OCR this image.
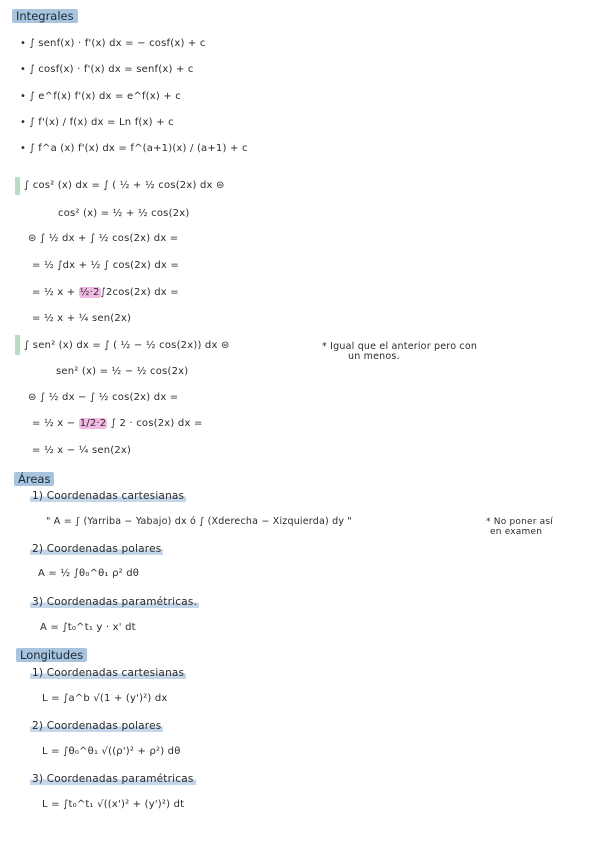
Integrales
• ∫ senf(x) · f'(x) dx = − cosf(x) + c
• ∫ cosf(x) · f'(x) dx = senf(x) + c
• ∫ e^f(x) f'(x) dx = e^f(x) + c
• ∫ f'(x) / f(x) dx = Ln f(x) + c
• ∫ f^a (x) f'(x) dx = f^(a+1)(x) / (a+1) + c
∫ cos² (x) dx = ∫ ( ½ + ½ cos(2x) dx ⊜
cos² (x) = ½ + ½ cos(2x)
⊜ ∫ ½ dx + ∫ ½ cos(2x) dx =
= ½ ∫dx + ½ ∫ cos(2x) dx =
= ½ x + ½·2∫2cos(2x) dx =
= ½ x + ¼ sen(2x)
∫ sen² (x) dx = ∫ ( ½ − ½ cos(2x)) dx ⊜	* Igual que el anterior pero con
un menos.
sen² (x) = ½ − ½ cos(2x)
⊜ ∫ ½ dx − ∫ ½ cos(2x) dx =
= ½ x − 1/2·2 ∫ 2 · cos(2x) dx =
= ½ x − ¼ sen(2x)
Áreas
1) Coordenadas cartesianas
" A = ∫ (Yarriba − Yabajo) dx ó ∫ (Xderecha − Xizquierda) dy "	* No poner así
en examen
2) Coordenadas polares
A = ½ ∫θ₀^θ₁ ρ² dθ
3) Coordenadas paramétricas.
A = ∫t₀^t₁ y · x' dt
Longitudes
1) Coordenadas cartesianas
L = ∫a^b √(1 + (y')²) dx
2) Coordenadas polares
L = ∫θ₀^θ₁ √((ρ')² + ρ²) dθ
3) Coordenadas paramétricas
L = ∫t₀^t₁ √((x')² + (y')²) dt
